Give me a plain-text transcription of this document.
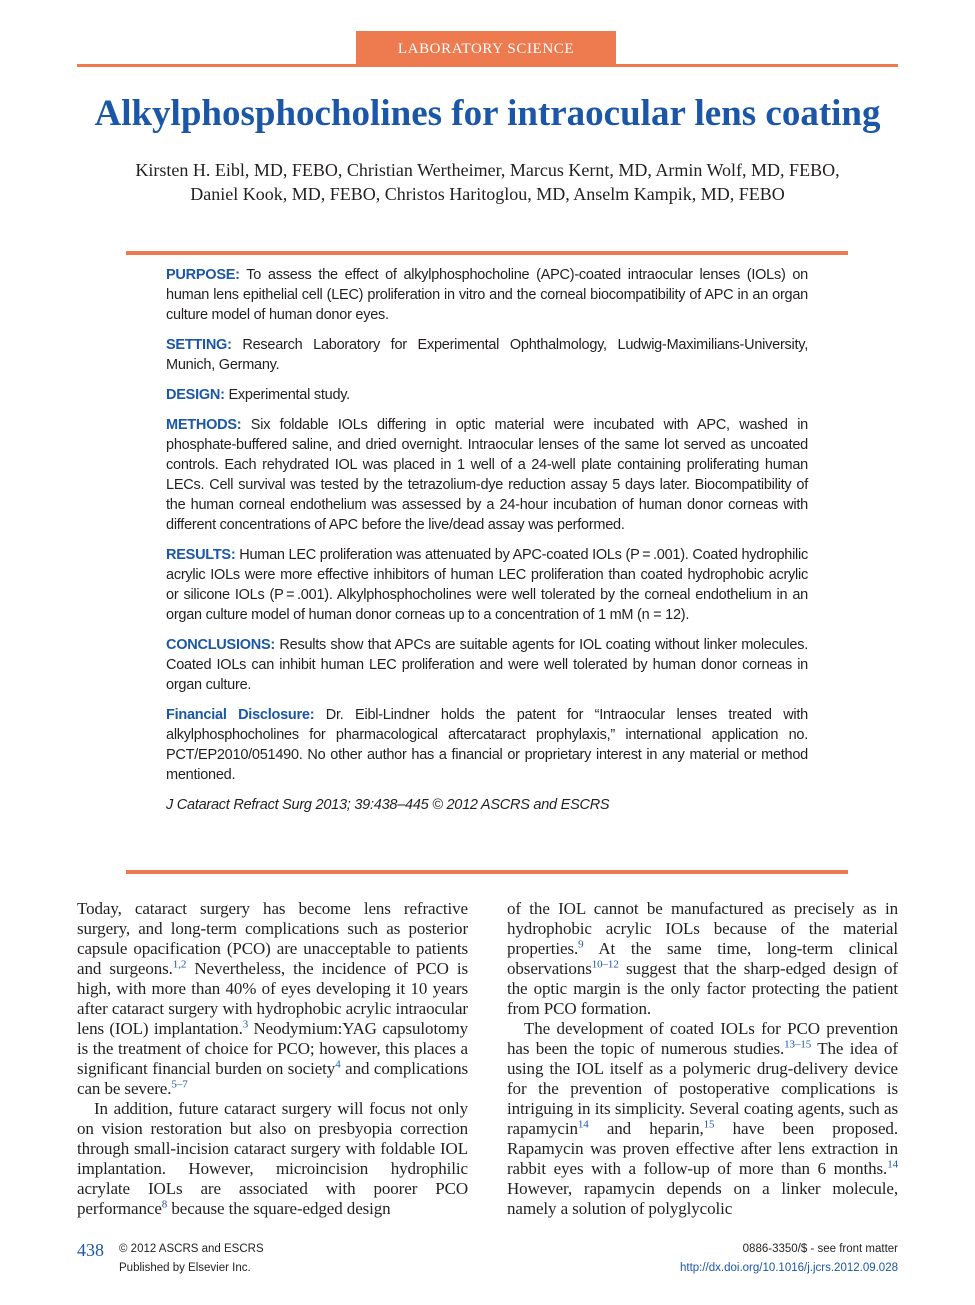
LABORATORY SCIENCE
Alkylphosphocholines for intraocular lens coating
Kirsten H. Eibl, MD, FEBO, Christian Wertheimer, Marcus Kernt, MD, Armin Wolf, MD, FEBO,
Daniel Kook, MD, FEBO, Christos Haritoglou, MD, Anselm Kampik, MD, FEBO

PURPOSE: To assess the effect of alkylphosphocholine (APC)-coated intraocular lenses (IOLs) on human lens epithelial cell (LEC) proliferation in vitro and the corneal biocompatibility of APC in an organ culture model of human donor eyes.

SETTING: Research Laboratory for Experimental Ophthalmology, Ludwig-Maximilians-University, Munich, Germany.

DESIGN: Experimental study.

METHODS: Six foldable IOLs differing in optic material were incubated with APC, washed in phosphate-buffered saline, and dried overnight. Intraocular lenses of the same lot served as uncoated controls. Each rehydrated IOL was placed in 1 well of a 24-well plate containing proliferating human LECs. Cell survival was tested by the tetrazolium-dye reduction assay 5 days later. Biocompatibility of the human corneal endothelium was assessed by a 24-hour incubation of human donor corneas with different concentrations of APC before the live/dead assay was performed.

RESULTS: Human LEC proliferation was attenuated by APC-coated IOLs (P = .001). Coated hydrophilic acrylic IOLs were more effective inhibitors of human LEC proliferation than coated hydrophobic acrylic or silicone IOLs (P = .001). Alkylphosphocholines were well tolerated by the corneal endothelium in an organ culture model of human donor corneas up to a concentration of 1 mM (n = 12).

CONCLUSIONS: Results show that APCs are suitable agents for IOL coating without linker molecules. Coated IOLs can inhibit human LEC proliferation and were well tolerated by human donor corneas in organ culture.

Financial Disclosure: Dr. Eibl-Lindner holds the patent for “Intraocular lenses treated with alkylphosphocholines for pharmacological aftercataract prophylaxis,” international application no. PCT/EP2010/051490. No other author has a financial or proprietary interest in any material or method mentioned.

J Cataract Refract Surg 2013; 39:438–445 © 2012 ASCRS and ESCRS

Today, cataract surgery has become lens refractive surgery, and long-term complications such as posterior capsule opacification (PCO) are unacceptable to patients and surgeons.$^{1,2}$ Nevertheless, the incidence of PCO is high, with more than 40% of eyes developing it 10 years after cataract surgery with hydrophobic acrylic intraocular lens (IOL) implantation.$^3$ Neodymium:YAG capsulotomy is the treatment of choice for PCO; however, this places a significant financial burden on society$^4$ and complications can be severe.$^{5-7}$

In addition, future cataract surgery will focus not only on vision restoration but also on presbyopia correction through small-incision cataract surgery with foldable IOL implantation. However, microincision hydrophilic acrylate IOLs are associated with poorer PCO performance$^8$ because the square-edged design

of the IOL cannot be manufactured as precisely as in hydrophobic acrylic IOLs because of the material properties.$^9$ At the same time, long-term clinical observations$^{10-12}$ suggest that the sharp-edged design of the optic margin is the only factor protecting the patient from PCO formation.

The development of coated IOLs for PCO prevention has been the topic of numerous studies.$^{13-15}$ The idea of using the IOL itself as a polymeric drug-delivery device for the prevention of postoperative complications is intriguing in its simplicity. Several coating agents, such as rapamycin$^{14}$ and heparin,$^{15}$ have been proposed. Rapamycin was proven effective after lens extraction in rabbit eyes with a follow-up of more than 6 months.$^{14}$ However, rapamycin depends on a linker molecule, namely a solution of polyglycolic

438 © 2012 ASCRS and ESCRS
Published by Elsevier Inc.
0886-3350/$ - see front matter
http://dx.doi.org/10.1016/j.jcrs.2012.09.028
